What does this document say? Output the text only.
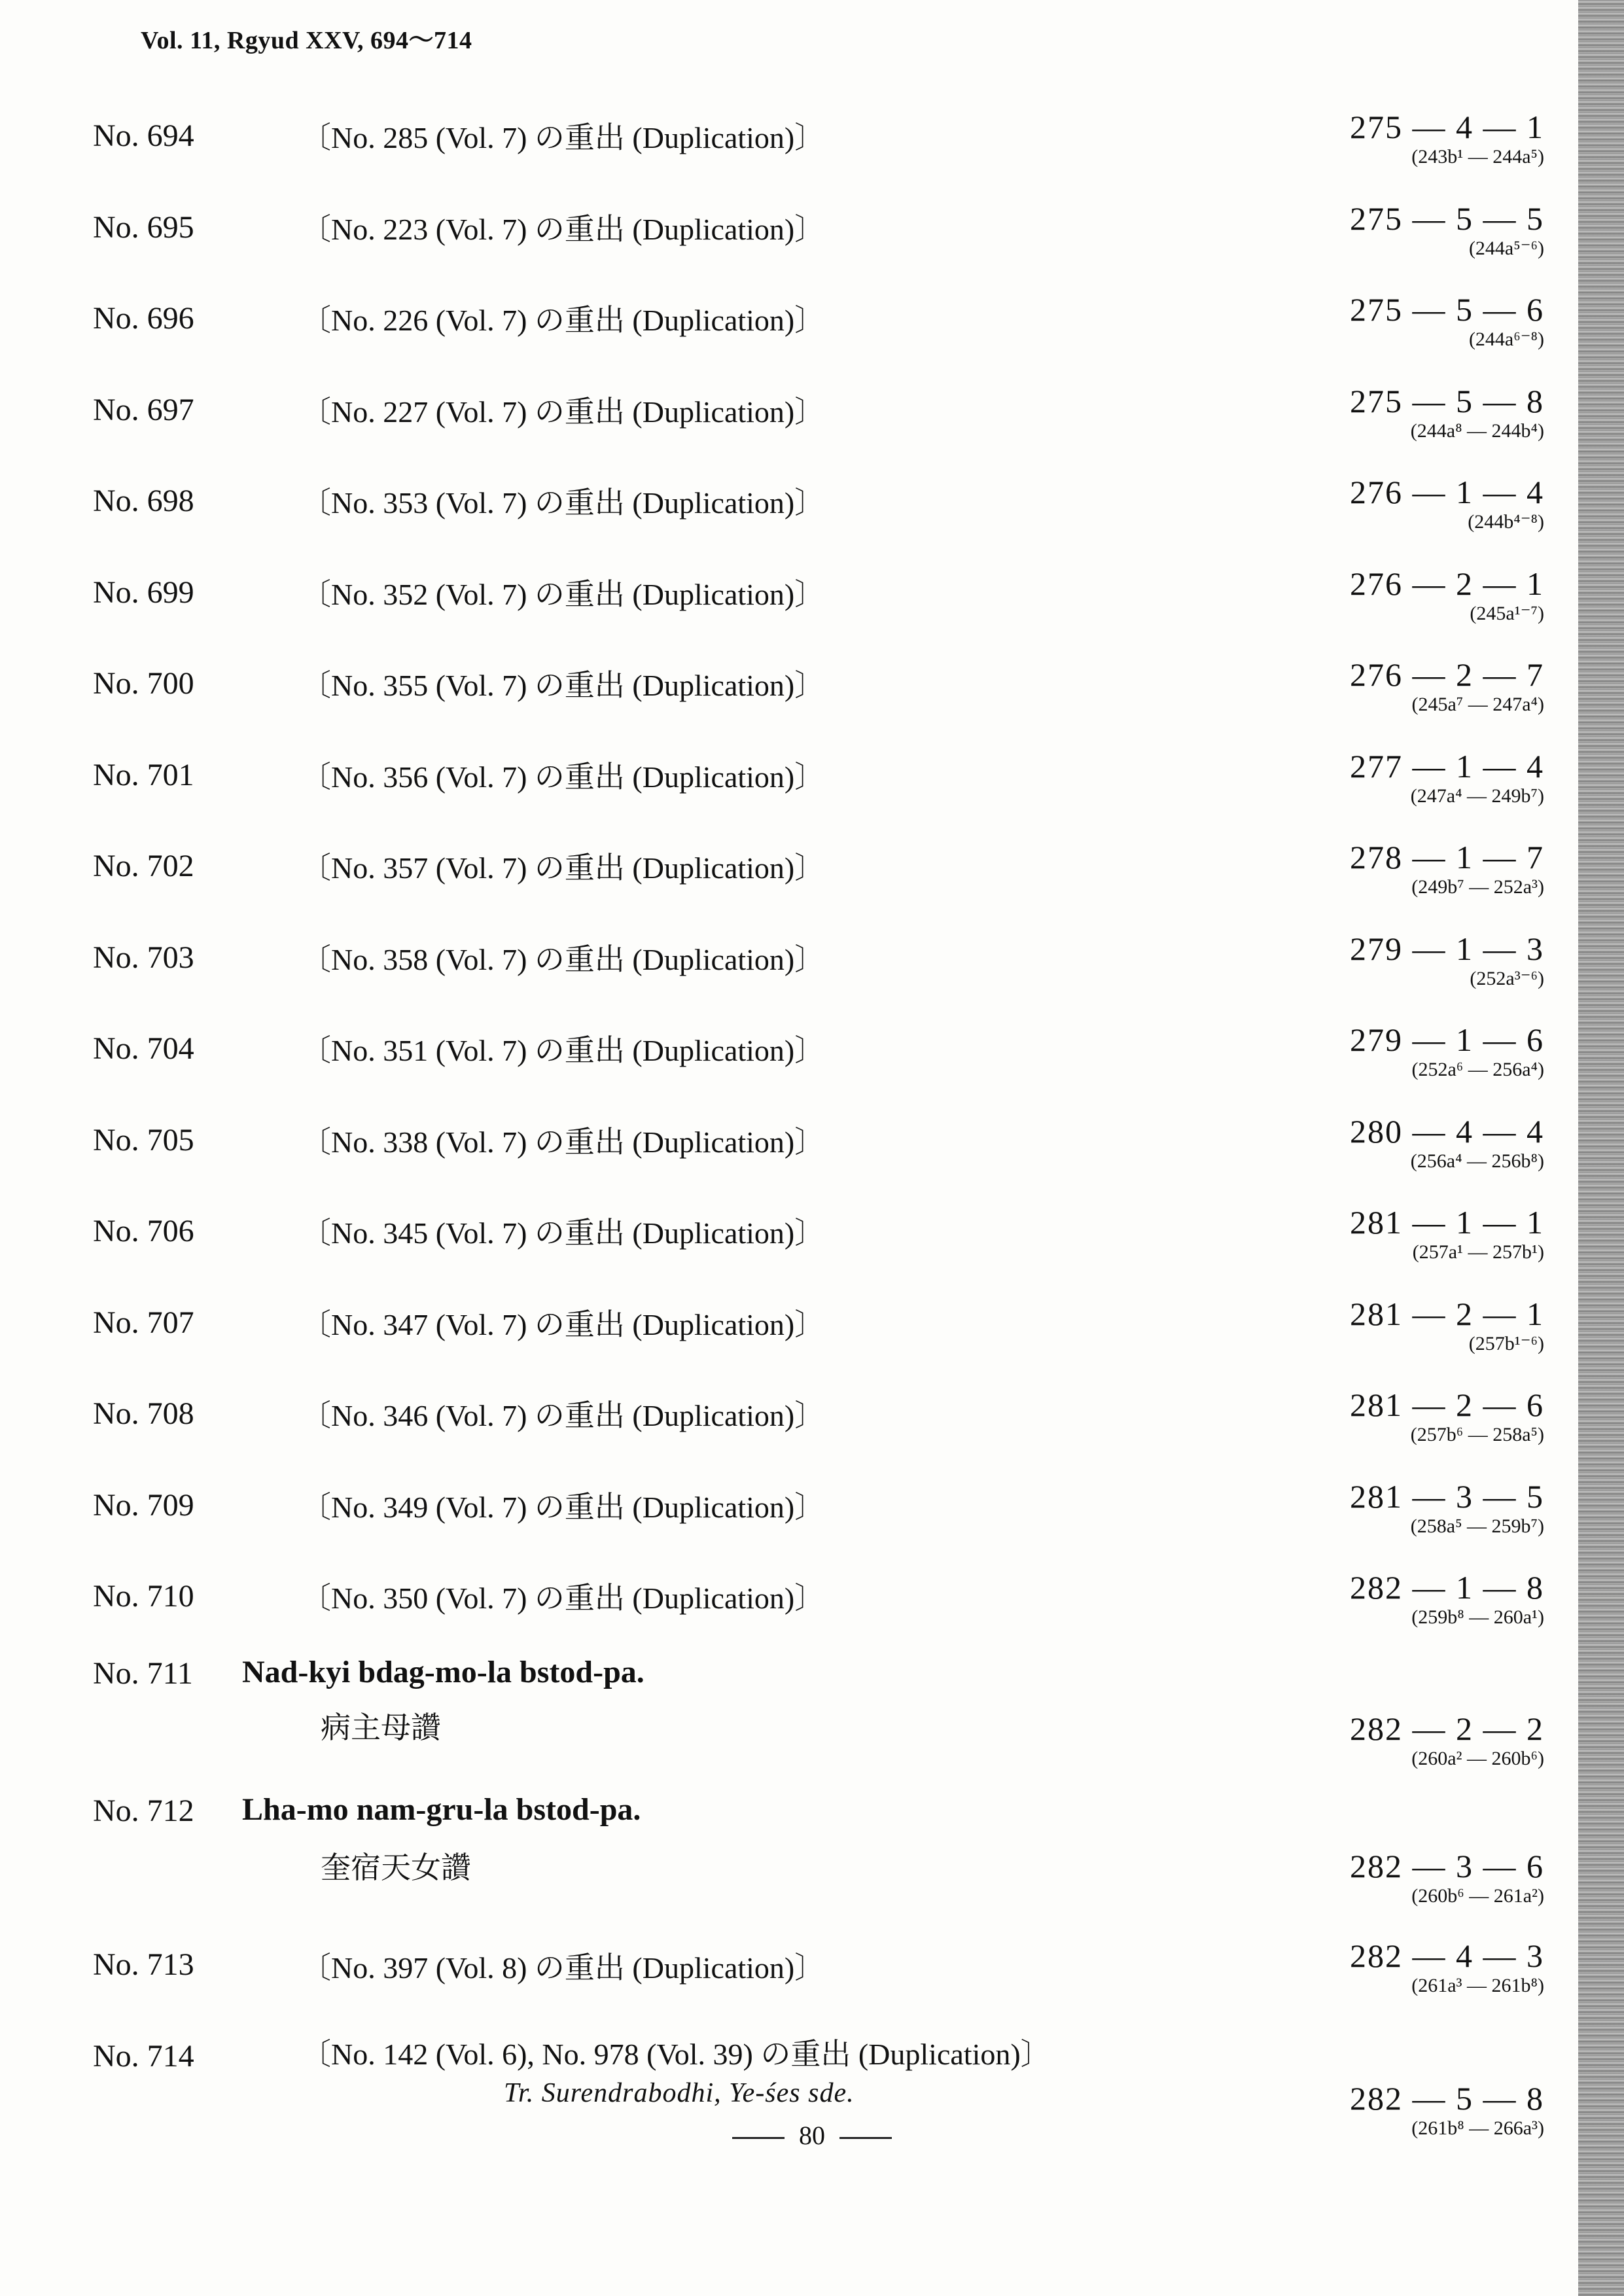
Vol. 11, Rgyud XXV, 694〜714
No. 694	〔No. 285 (Vol. 7) の重出 (Duplication)〕	275 — 4 — 1
(243b¹ — 244a⁵)
No. 695	〔No. 223 (Vol. 7) の重出 (Duplication)〕	275 — 5 — 5
(244a⁵⁻⁶)
No. 696	〔No. 226 (Vol. 7) の重出 (Duplication)〕	275 — 5 — 6
(244a⁶⁻⁸)
No. 697	〔No. 227 (Vol. 7) の重出 (Duplication)〕	275 — 5 — 8
(244a⁸ — 244b⁴)
No. 698	〔No. 353 (Vol. 7) の重出 (Duplication)〕	276 — 1 — 4
(244b⁴⁻⁸)
No. 699	〔No. 352 (Vol. 7) の重出 (Duplication)〕	276 — 2 — 1
(245a¹⁻⁷)
No. 700	〔No. 355 (Vol. 7) の重出 (Duplication)〕	276 — 2 — 7
(245a⁷ — 247a⁴)
No. 701	〔No. 356 (Vol. 7) の重出 (Duplication)〕	277 — 1 — 4
(247a⁴ — 249b⁷)
No. 702	〔No. 357 (Vol. 7) の重出 (Duplication)〕	278 — 1 — 7
(249b⁷ — 252a³)
No. 703	〔No. 358 (Vol. 7) の重出 (Duplication)〕	279 — 1 — 3
(252a³⁻⁶)
No. 704	〔No. 351 (Vol. 7) の重出 (Duplication)〕	279 — 1 — 6
(252a⁶ — 256a⁴)
No. 705	〔No. 338 (Vol. 7) の重出 (Duplication)〕	280 — 4 — 4
(256a⁴ — 256b⁸)
No. 706	〔No. 345 (Vol. 7) の重出 (Duplication)〕	281 — 1 — 1
(257a¹ — 257b¹)
No. 707	〔No. 347 (Vol. 7) の重出 (Duplication)〕	281 — 2 — 1
(257b¹⁻⁶)
No. 708	〔No. 346 (Vol. 7) の重出 (Duplication)〕	281 — 2 — 6
(257b⁶ — 258a⁵)
No. 709	〔No. 349 (Vol. 7) の重出 (Duplication)〕	281 — 3 — 5
(258a⁵ — 259b⁷)
No. 710	〔No. 350 (Vol. 7) の重出 (Duplication)〕	282 — 1 — 8
(259b⁸ — 260a¹)
No. 711 Nad-kyi bdag-mo-la bstod-pa.
病主母讚	282 — 2 — 2
(260a² — 260b⁶)
No. 712 Lha-mo nam-gru-la bstod-pa.
奎宿天女讚	282 — 3 — 6
(260b⁶ — 261a²)
No. 713	〔No. 397 (Vol. 8) の重出 (Duplication)〕	282 — 4 — 3
(261a³ — 261b⁸)
No. 714	〔No. 142 (Vol. 6), No. 978 (Vol. 39) の重出 (Duplication)〕
Tr. Surendrabodhi, Ye-śes sde.	282 — 5 — 8
(261b⁸ — 266a³)
80
